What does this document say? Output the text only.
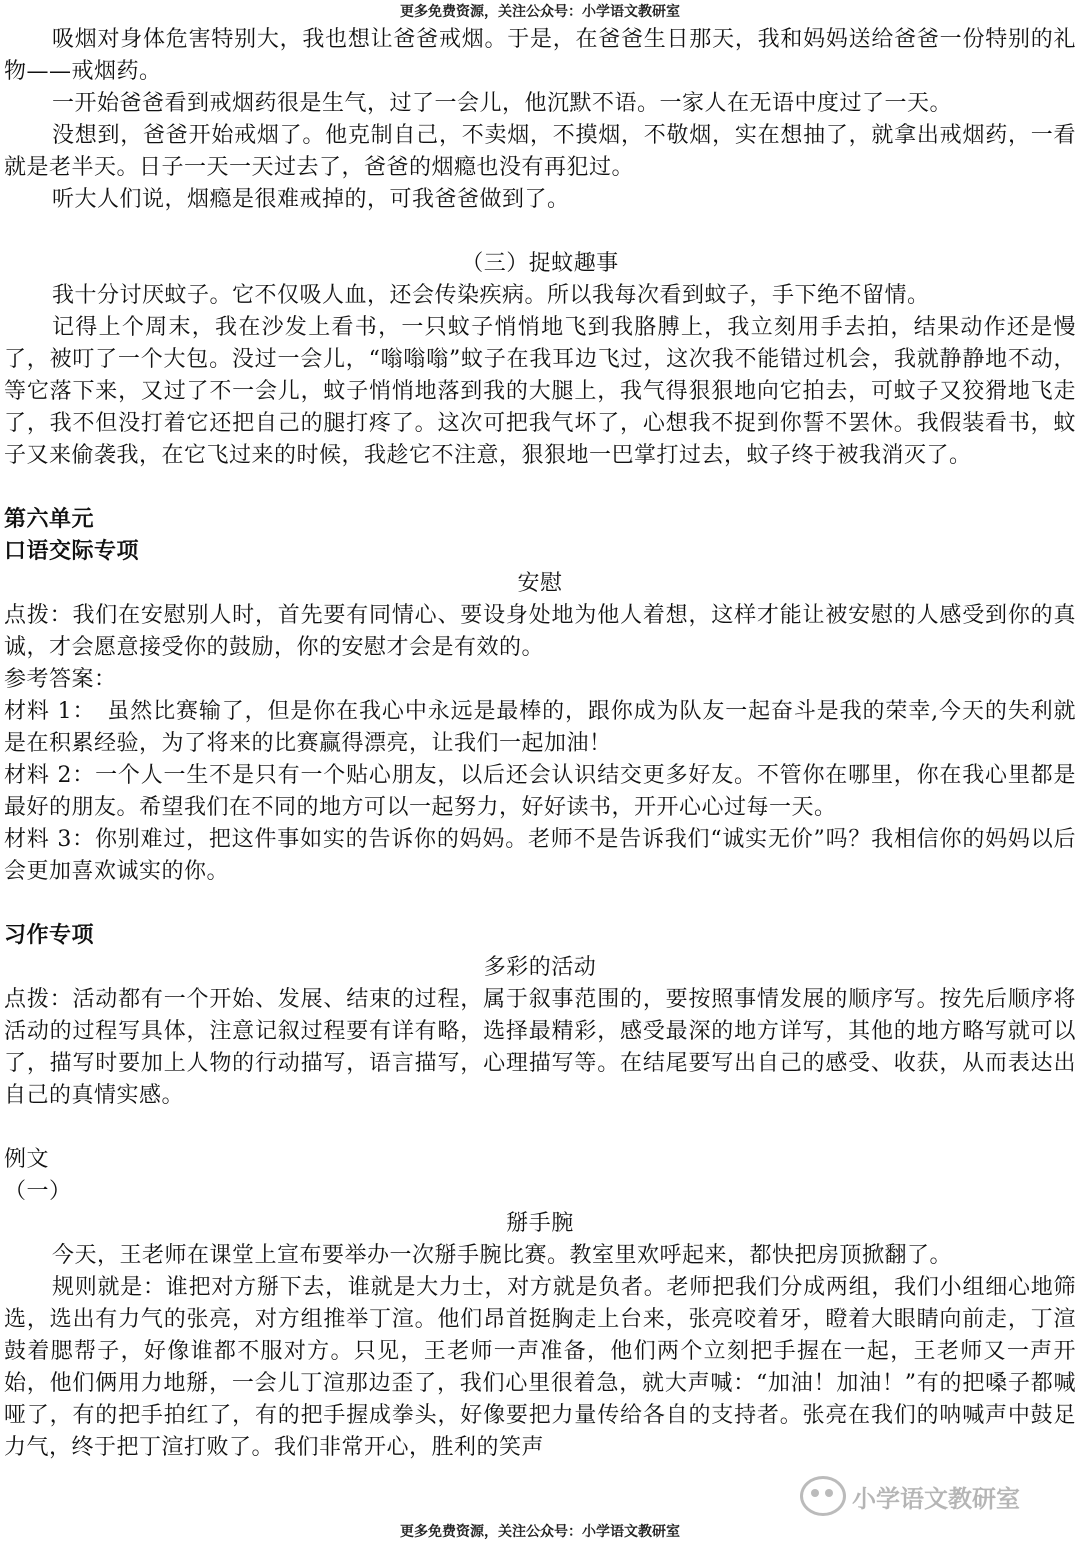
更多免费资源，关注公众号：小学语文教研室

吸烟对身体危害特别大，我也想让爸爸戒烟。于是，在爸爸生日那天，我和妈妈送给爸爸一份特别的礼物——戒烟药。

一开始爸爸看到戒烟药很是生气，过了一会儿，他沉默不语。一家人在无语中度过了一天。

没想到，爸爸开始戒烟了。他克制自己，不卖烟，不摸烟，不敬烟，实在想抽了，就拿出戒烟药，一看就是老半天。日子一天一天过去了，爸爸的烟瘾也没有再犯过。

听大人们说，烟瘾是很难戒掉的，可我爸爸做到了。

（三）捉蚊趣事

我十分讨厌蚊子。它不仅吸人血，还会传染疾病。所以我每次看到蚊子，手下绝不留情。

记得上个周末，我在沙发上看书，一只蚊子悄悄地飞到我胳膊上，我立刻用手去拍，结果动作还是慢了，被叮了一个大包。没过一会儿，“嗡嗡嗡”蚊子在我耳边飞过，这次我不能错过机会，我就静静地不动，等它落下来，又过了不一会儿，蚊子悄悄地落到我的大腿上，我气得狠狠地向它拍去，可蚊子又狡猾地飞走了，我不但没打着它还把自己的腿打疼了。这次可把我气坏了，心想我不捉到你誓不罢休。我假装看书，蚊子又来偷袭我，在它飞过来的时候，我趁它不注意，狠狠地一巴掌打过去，蚊子终于被我消灭了。

第六单元

口语交际专项

安慰

点拨：我们在安慰别人时，首先要有同情心、要设身处地为他人着想，这样才能让被安慰的人感受到你的真诚，才会愿意接受你的鼓励，你的安慰才会是有效的。

参考答案：

材料 1：　虽然比赛输了，但是你在我心中永远是最棒的，跟你成为队友一起奋斗是我的荣幸,今天的失利就是在积累经验，为了将来的比赛赢得漂亮，让我们一起加油！

材料 2：一个人一生不是只有一个贴心朋友，以后还会认识结交更多好友。不管你在哪里，你在我心里都是最好的朋友。希望我们在不同的地方可以一起努力，好好读书，开开心心过每一天。

材料 3：你别难过，把这件事如实的告诉你的妈妈。老师不是告诉我们“诚实无价”吗？我相信你的妈妈以后会更加喜欢诚实的你。

习作专项

多彩的活动

点拨：活动都有一个开始、发展、结束的过程，属于叙事范围的，要按照事情发展的顺序写。按先后顺序将活动的过程写具体，注意记叙过程要有详有略，选择最精彩，感受最深的地方详写，其他的地方略写就可以了，描写时要加上人物的行动描写，语言描写，心理描写等。在结尾要写出自己的感受、收获，从而表达出自己的真情实感。

例文

（一）

掰手腕

今天，王老师在课堂上宣布要举办一次掰手腕比赛。教室里欢呼起来，都快把房顶掀翻了。

规则就是：谁把对方掰下去，谁就是大力士，对方就是负者。老师把我们分成两组，我们小组细心地筛选，选出有力气的张亮，对方组推举丁渲。他们昂首挺胸走上台来，张亮咬着牙，瞪着大眼睛向前走，丁渲鼓着腮帮子，好像谁都不服对方。只见，王老师一声准备，他们两个立刻把手握在一起，王老师又一声开始，他们俩用力地掰，一会儿丁渲那边歪了，我们心里很着急，就大声喊：“加油！加油！”有的把嗓子都喊哑了，有的把手拍红了，有的把手握成拳头，好像要把力量传给各自的支持者。张亮在我们的呐喊声中鼓足力气，终于把丁渲打败了。我们非常开心，胜利的笑声

小学语文教研室
更多免费资源，关注公众号：小学语文教研室
